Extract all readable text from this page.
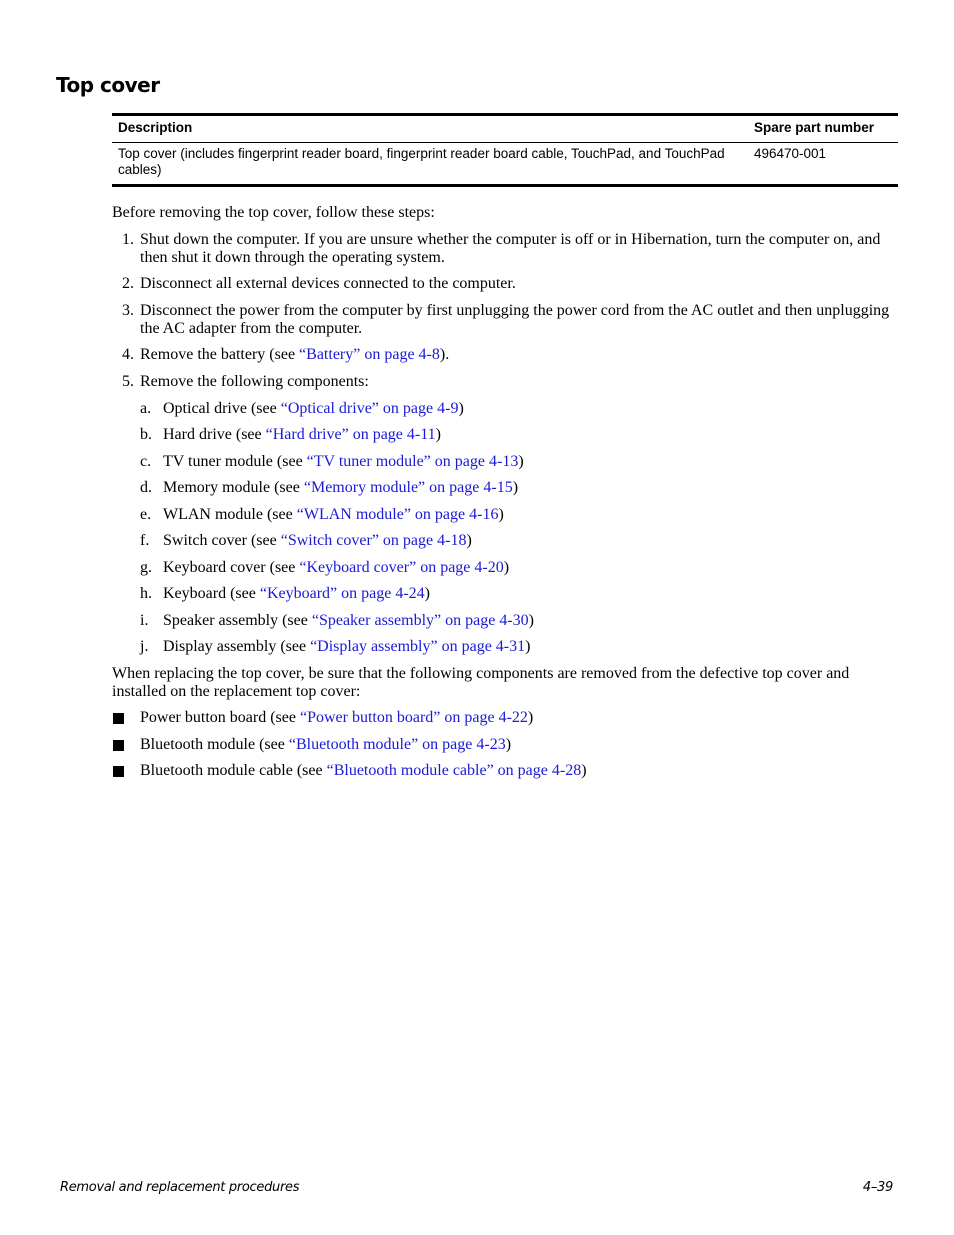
Top cover
Description	Spare part number
Top cover (includes fingerprint reader board, fingerprint reader board cable, TouchPad, and TouchPad cables)	496470-001

Before removing the top cover, follow these steps:

1. Shut down the computer. If you are unsure whether the computer is off or in Hibernation, turn the computer on, and then shut it down through the operating system.
2. Disconnect all external devices connected to the computer.
3. Disconnect the power from the computer by first unplugging the power cord from the AC outlet and then unplugging the AC adapter from the computer.
4. Remove the battery (see “Battery” on page 4-8).
5. Remove the following components:
a. Optical drive (see “Optical drive” on page 4-9)
b. Hard drive (see “Hard drive” on page 4-11)
c. TV tuner module (see “TV tuner module” on page 4-13)
d. Memory module (see “Memory module” on page 4-15)
e. WLAN module (see “WLAN module” on page 4-16)
f. Switch cover (see “Switch cover” on page 4-18)
g. Keyboard cover (see “Keyboard cover” on page 4-20)
h. Keyboard (see “Keyboard” on page 4-24)
i. Speaker assembly (see “Speaker assembly” on page 4-30)
j. Display assembly (see “Display assembly” on page 4-31)

When replacing the top cover, be sure that the following components are removed from the defective top cover and installed on the replacement top cover:

Power button board (see “Power button board” on page 4-22)
Bluetooth module (see “Bluetooth module” on page 4-23)
Bluetooth module cable (see “Bluetooth module cable” on page 4-28)
Removal and replacement procedures	4–39
